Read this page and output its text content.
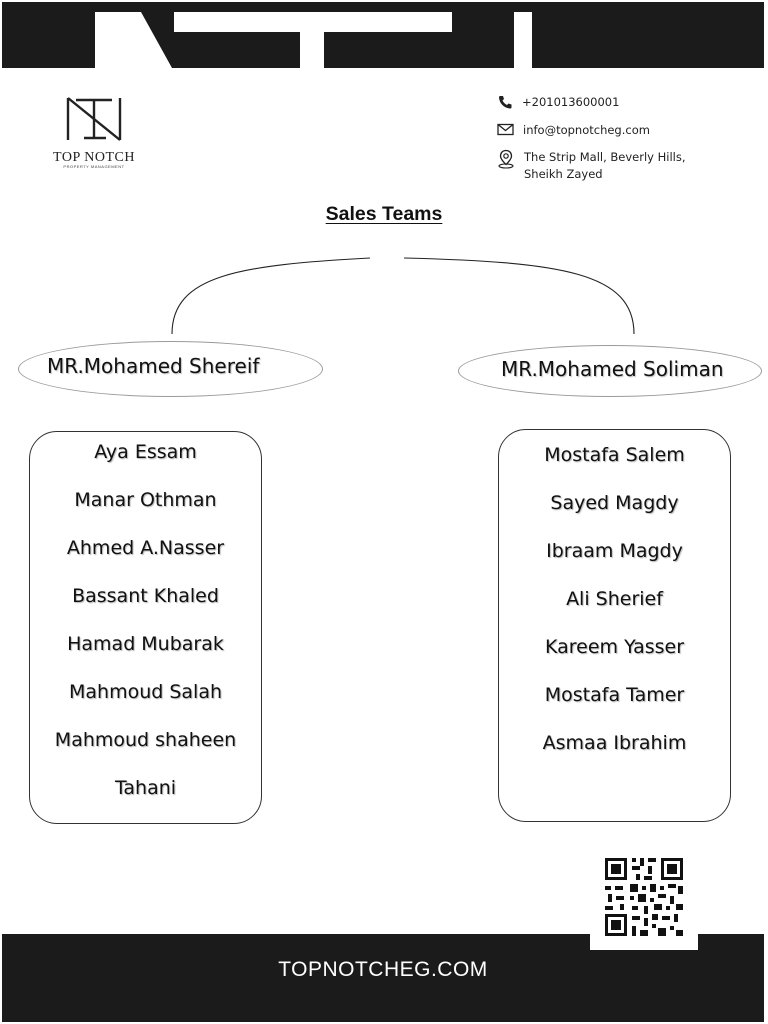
TOP NOTCH
PROPERTY MANAGEMENT
+201013600001
info@topnotcheg.com
The Strip Mall, Beverly Hills,
Sheikh Zayed
Sales Teams
MR.Mohamed Shereif
Aya Essam
Manar Othman
Ahmed A.Nasser
Bassant Khaled
Hamad Mubarak
Mahmoud Salah
Mahmoud shaheen
Tahani
MR.Mohamed Soliman
Mostafa Salem
Sayed Magdy
Ibraam Magdy
Ali Sherief
Kareem Yasser
Mostafa Tamer
Asmaa Ibrahim
TOPNOTCHEG.COM
